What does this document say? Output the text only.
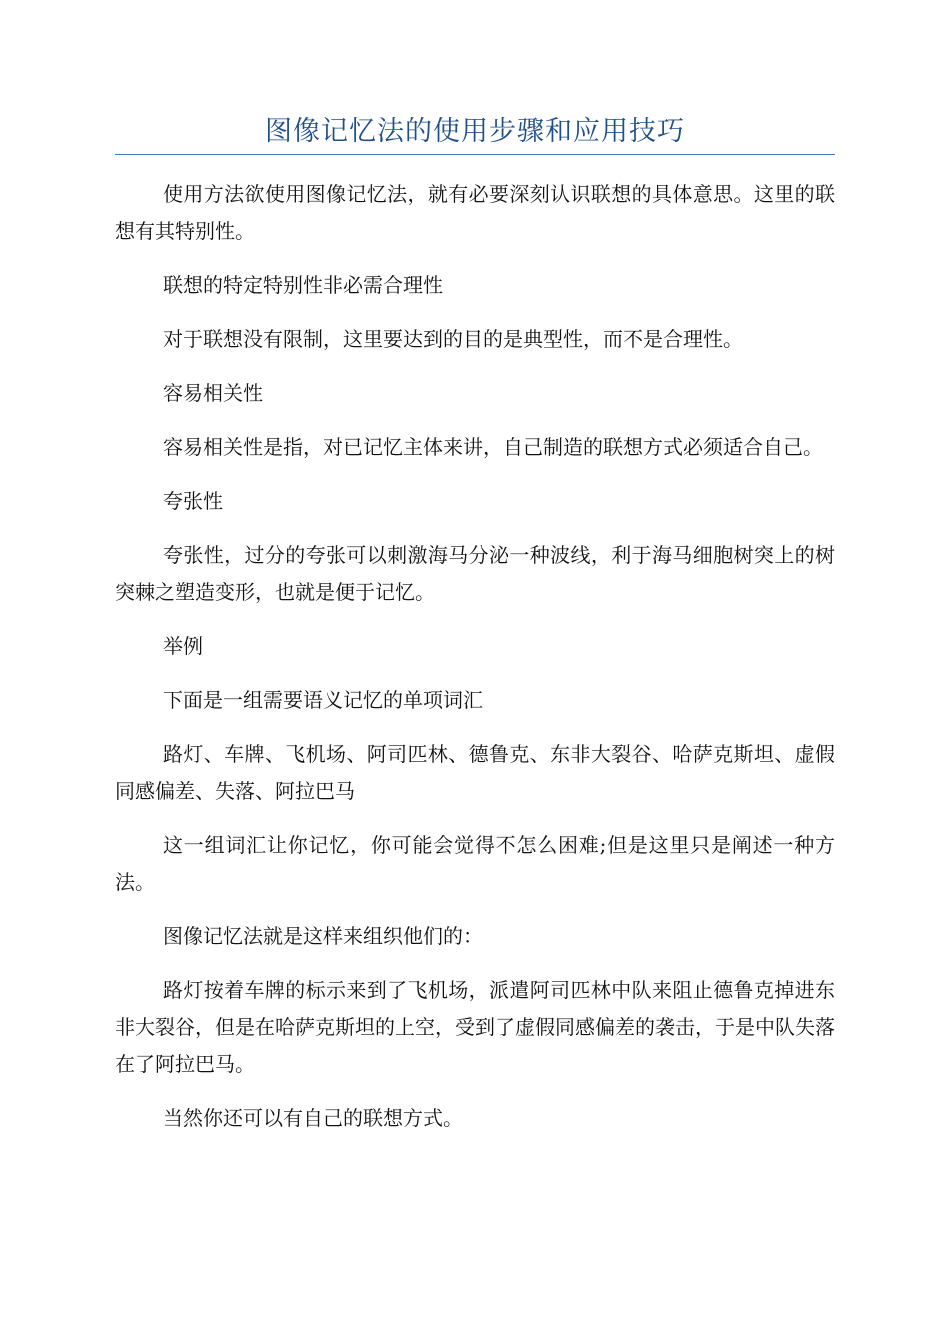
图像记忆法的使用步骤和应用技巧

使用方法欲使用图像记忆法，就有必要深刻认识联想的具体意思。这里的联想有其特别性。

联想的特定特别性非必需合理性

对于联想没有限制，这里要达到的目的是典型性，而不是合理性。

容易相关性

容易相关性是指，对已记忆主体来讲，自己制造的联想方式必须适合自己。

夸张性

夸张性，过分的夸张可以刺激海马分泌一种波线，利于海马细胞树突上的树突棘之塑造变形，也就是便于记忆。

举例

下面是一组需要语义记忆的单项词汇

路灯、车牌、飞机场、阿司匹林、德鲁克、东非大裂谷、哈萨克斯坦、虚假同感偏差、失落、阿拉巴马

这一组词汇让你记忆，你可能会觉得不怎么困难;但是这里只是阐述一种方法。

图像记忆法就是这样来组织他们的：

路灯按着车牌的标示来到了飞机场，派遣阿司匹林中队来阻止德鲁克掉进东非大裂谷，但是在哈萨克斯坦的上空，受到了虚假同感偏差的袭击，于是中队失落在了阿拉巴马。

当然你还可以有自己的联想方式。
